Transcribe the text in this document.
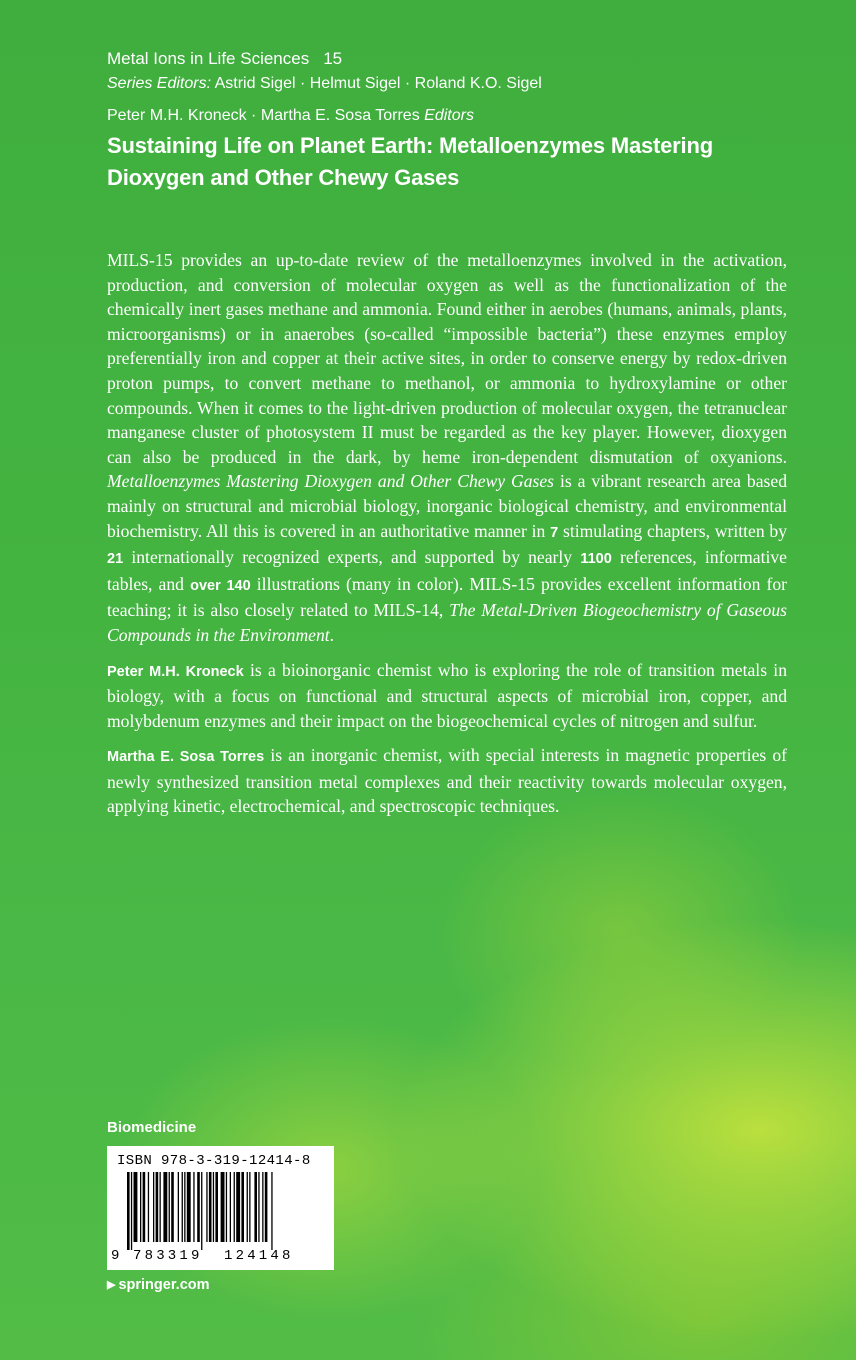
Metal Ions in Life Sciences 15
Series Editors: Astrid Sigel · Helmut Sigel · Roland K.O. Sigel
Peter M.H. Kroneck · Martha E. Sosa Torres Editors
Sustaining Life on Planet Earth: Metalloenzymes Mastering
Dioxygen and Other Chewy Gases

MILS-15 provides an up-to-date review of the metalloenzymes involved in the activation, production, and conversion of molecular oxygen as well as the functionalization of the chemically inert gases methane and ammonia. Found either in aerobes (humans, animals, plants, microorganisms) or in anaerobes (so-called “impossible bacteria”) these enzymes employ preferentially iron and copper at their active sites, in order to conserve energy by redox-driven proton pumps, to convert methane to methanol, or ammonia to hydroxylamine or other compounds. When it comes to the light-driven production of molecular oxygen, the tetranuclear manganese cluster of photosystem II must be regarded as the key player. However, dioxygen can also be produced in the dark, by heme iron-dependent dismutation of oxyanions. Metalloenzymes Mastering Dioxygen and Other Chewy Gases is a vibrant research area based mainly on structural and microbial biology, inorganic biological chemistry, and environmental biochemistry. All this is covered in an authoritative manner in 7 stimulating chapters, written by 21 internationally recognized experts, and supported by nearly 1100 references, informative tables, and over 140 illustrations (many in color). MILS-15 provides excellent information for teaching; it is also closely related to MILS-14, The Metal-Driven Biogeochemistry of Gaseous Compounds in the Environment.

Peter M.H. Kroneck is a bioinorganic chemist who is exploring the role of transition metals in biology, with a focus on functional and structural aspects of microbial iron, copper, and molybdenum enzymes and their impact on the biogeochemical cycles of nitrogen and sulfur.

Martha E. Sosa Torres is an inorganic chemist, with special interests in magnetic properties of newly synthesized transition metal complexes and their reactivity towards molecular oxygen, applying kinetic, electrochemical, and spectroscopic techniques.

Biomedicine
ISBN 978-3-319-12414-8
9 783319 124148
▶ springer.com
